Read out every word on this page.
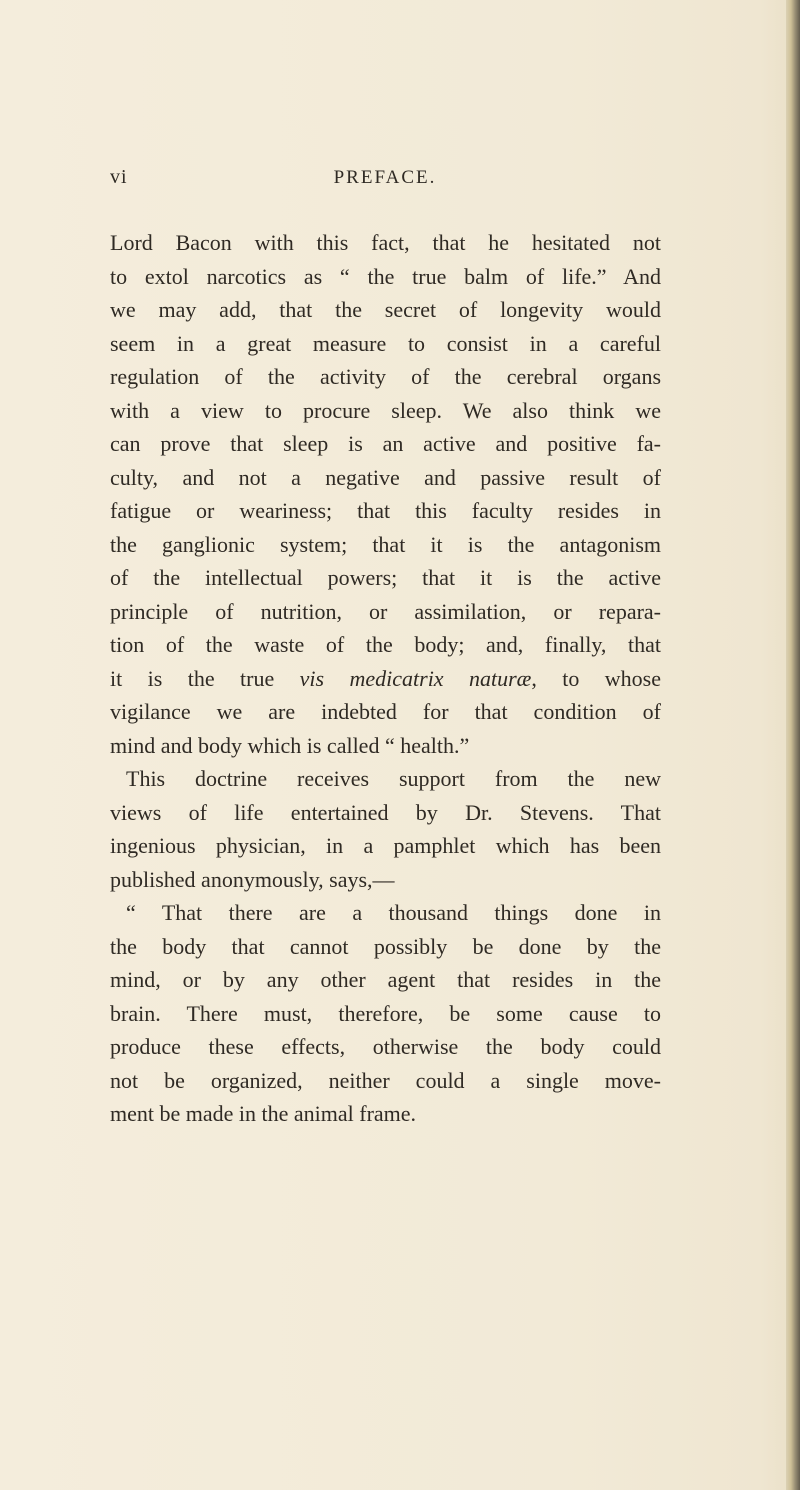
vi	PREFACE.
Lord Bacon with this fact, that he hesitated not
to extol narcotics as “ the true balm of life.” And
we may add, that the secret of longevity would
seem in a great measure to consist in a careful
regulation of the activity of the cerebral organs
with a view to procure sleep. We also think we
can prove that sleep is an active and positive fa-
culty, and not a negative and passive result of
fatigue or weariness; that this faculty resides in
the ganglionic system; that it is the antagonism
of the intellectual powers; that it is the active
principle of nutrition, or assimilation, or repara-
tion of the waste of the body; and, finally, that
it is the true vis medicatrix naturæ, to whose
vigilance we are indebted for that condition of
mind and body which is called “ health.”
This doctrine receives support from the new
views of life entertained by Dr. Stevens. That
ingenious physician, in a pamphlet which has been
published anonymously, says,—
“ That there are a thousand things done in
the body that cannot possibly be done by the
mind, or by any other agent that resides in the
brain. There must, therefore, be some cause to
produce these effects, otherwise the body could
not be organized, neither could a single move-
ment be made in the animal frame.
